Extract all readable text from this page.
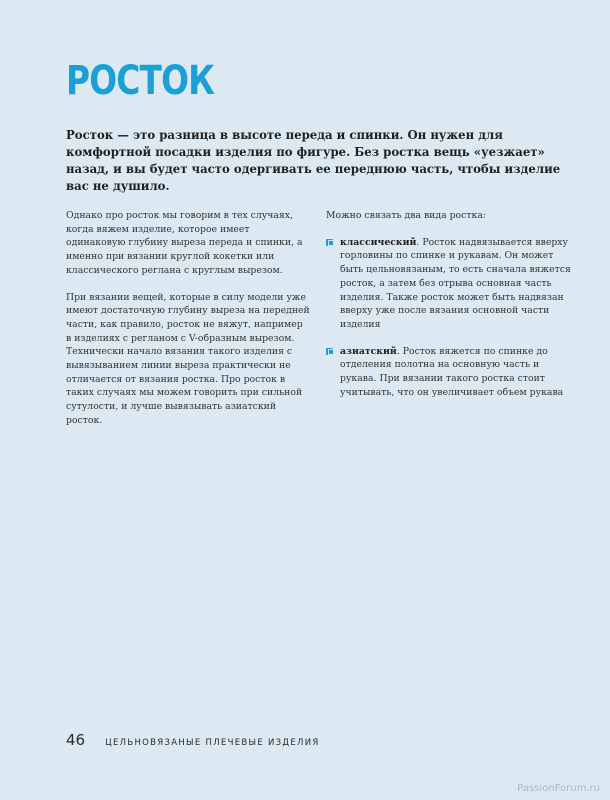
РОСТОК

Росток — это разница в высоте переда и спинки. Он нужен для комфортной посадки изделия по фигуре. Без ростка вещь «уезжает» назад, и вы будет часто одергивать ее переднюю часть, чтобы изделие вас не душило.

Однако про росток мы говорим в тех случаях, когда вяжем изделие, которое имеет одинаковую глубину выреза переда и спинки, а именно при вязании круглой кокетки или классического реглана с круглым вырезом.

При вязании вещей, которые в силу модели уже имеют достаточную глубину выреза на передней части, как правило, росток не вяжут, например в изделиях с регланом с V-образным вырезом. Технически начало вязания такого изделия с вывязыванием линии выреза практически не отличается от вязания ростка. Про росток в таких случаях мы можем говорить при сильной сутулости, и лучше вывязывать азиатский росток.

Можно связать два вида ростка:

классический. Росток надвязывается вверху горловины по спинке и рукавам. Он может быть цельновязаным, то есть сначала вяжется росток, а затем без отрыва основная часть изделия. Также росток может быть надвязан вверху уже после вязания основной части изделия
азиатский. Росток вяжется по спинке до отделения полотна на основную часть и рукава. При вязании такого ростка стоит учитывать, что он увеличивает объем рукава
46 ЦЕЛЬНОВЯЗАНЫЕ ПЛЕЧЕВЫЕ ИЗДЕЛИЯ
PassionForum.ru
